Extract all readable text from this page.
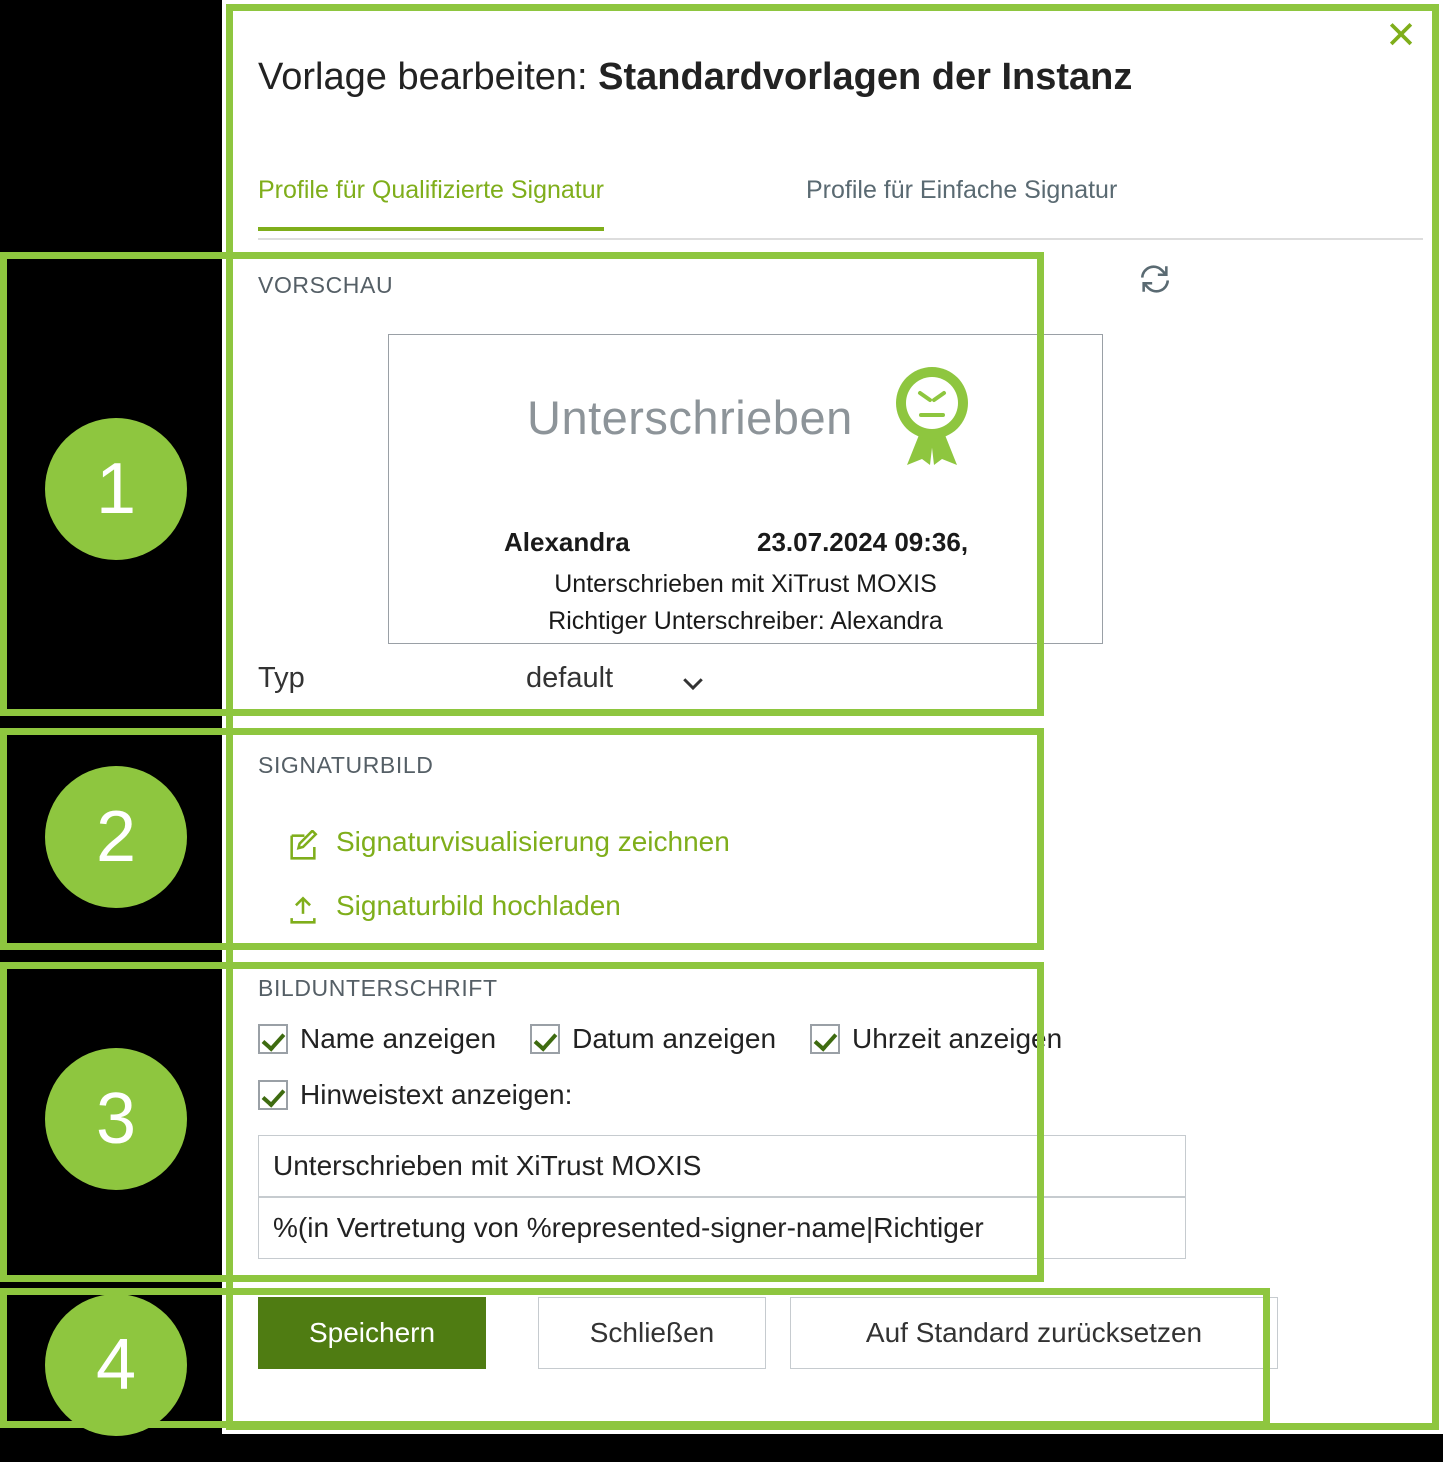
✕
Vorlage bearbeiten: Standardvorlagen der Instanz
Profile für Qualifizierte Signatur	Profile für Einfache Signatur
VORSCHAU
Unterschrieben
Alexandra	23.07.2024 09:36,
Unterschrieben mit XiTrust MOXIS
Richtiger Unterschreiber: Alexandra
Typ	default
SIGNATURBILD
Signaturvisualisierung zeichnen
Signaturbild hochladen
BILDUNTERSCHRIFT
Name anzeigen	Datum anzeigen	Uhrzeit anzeigen
Hinweistext anzeigen:
Unterschrieben mit XiTrust MOXIS
%(in Vertretung von %represented-signer-name|Richtiger
Speichern	Schließen	Auf Standard zurücksetzen
1
2
3
4
